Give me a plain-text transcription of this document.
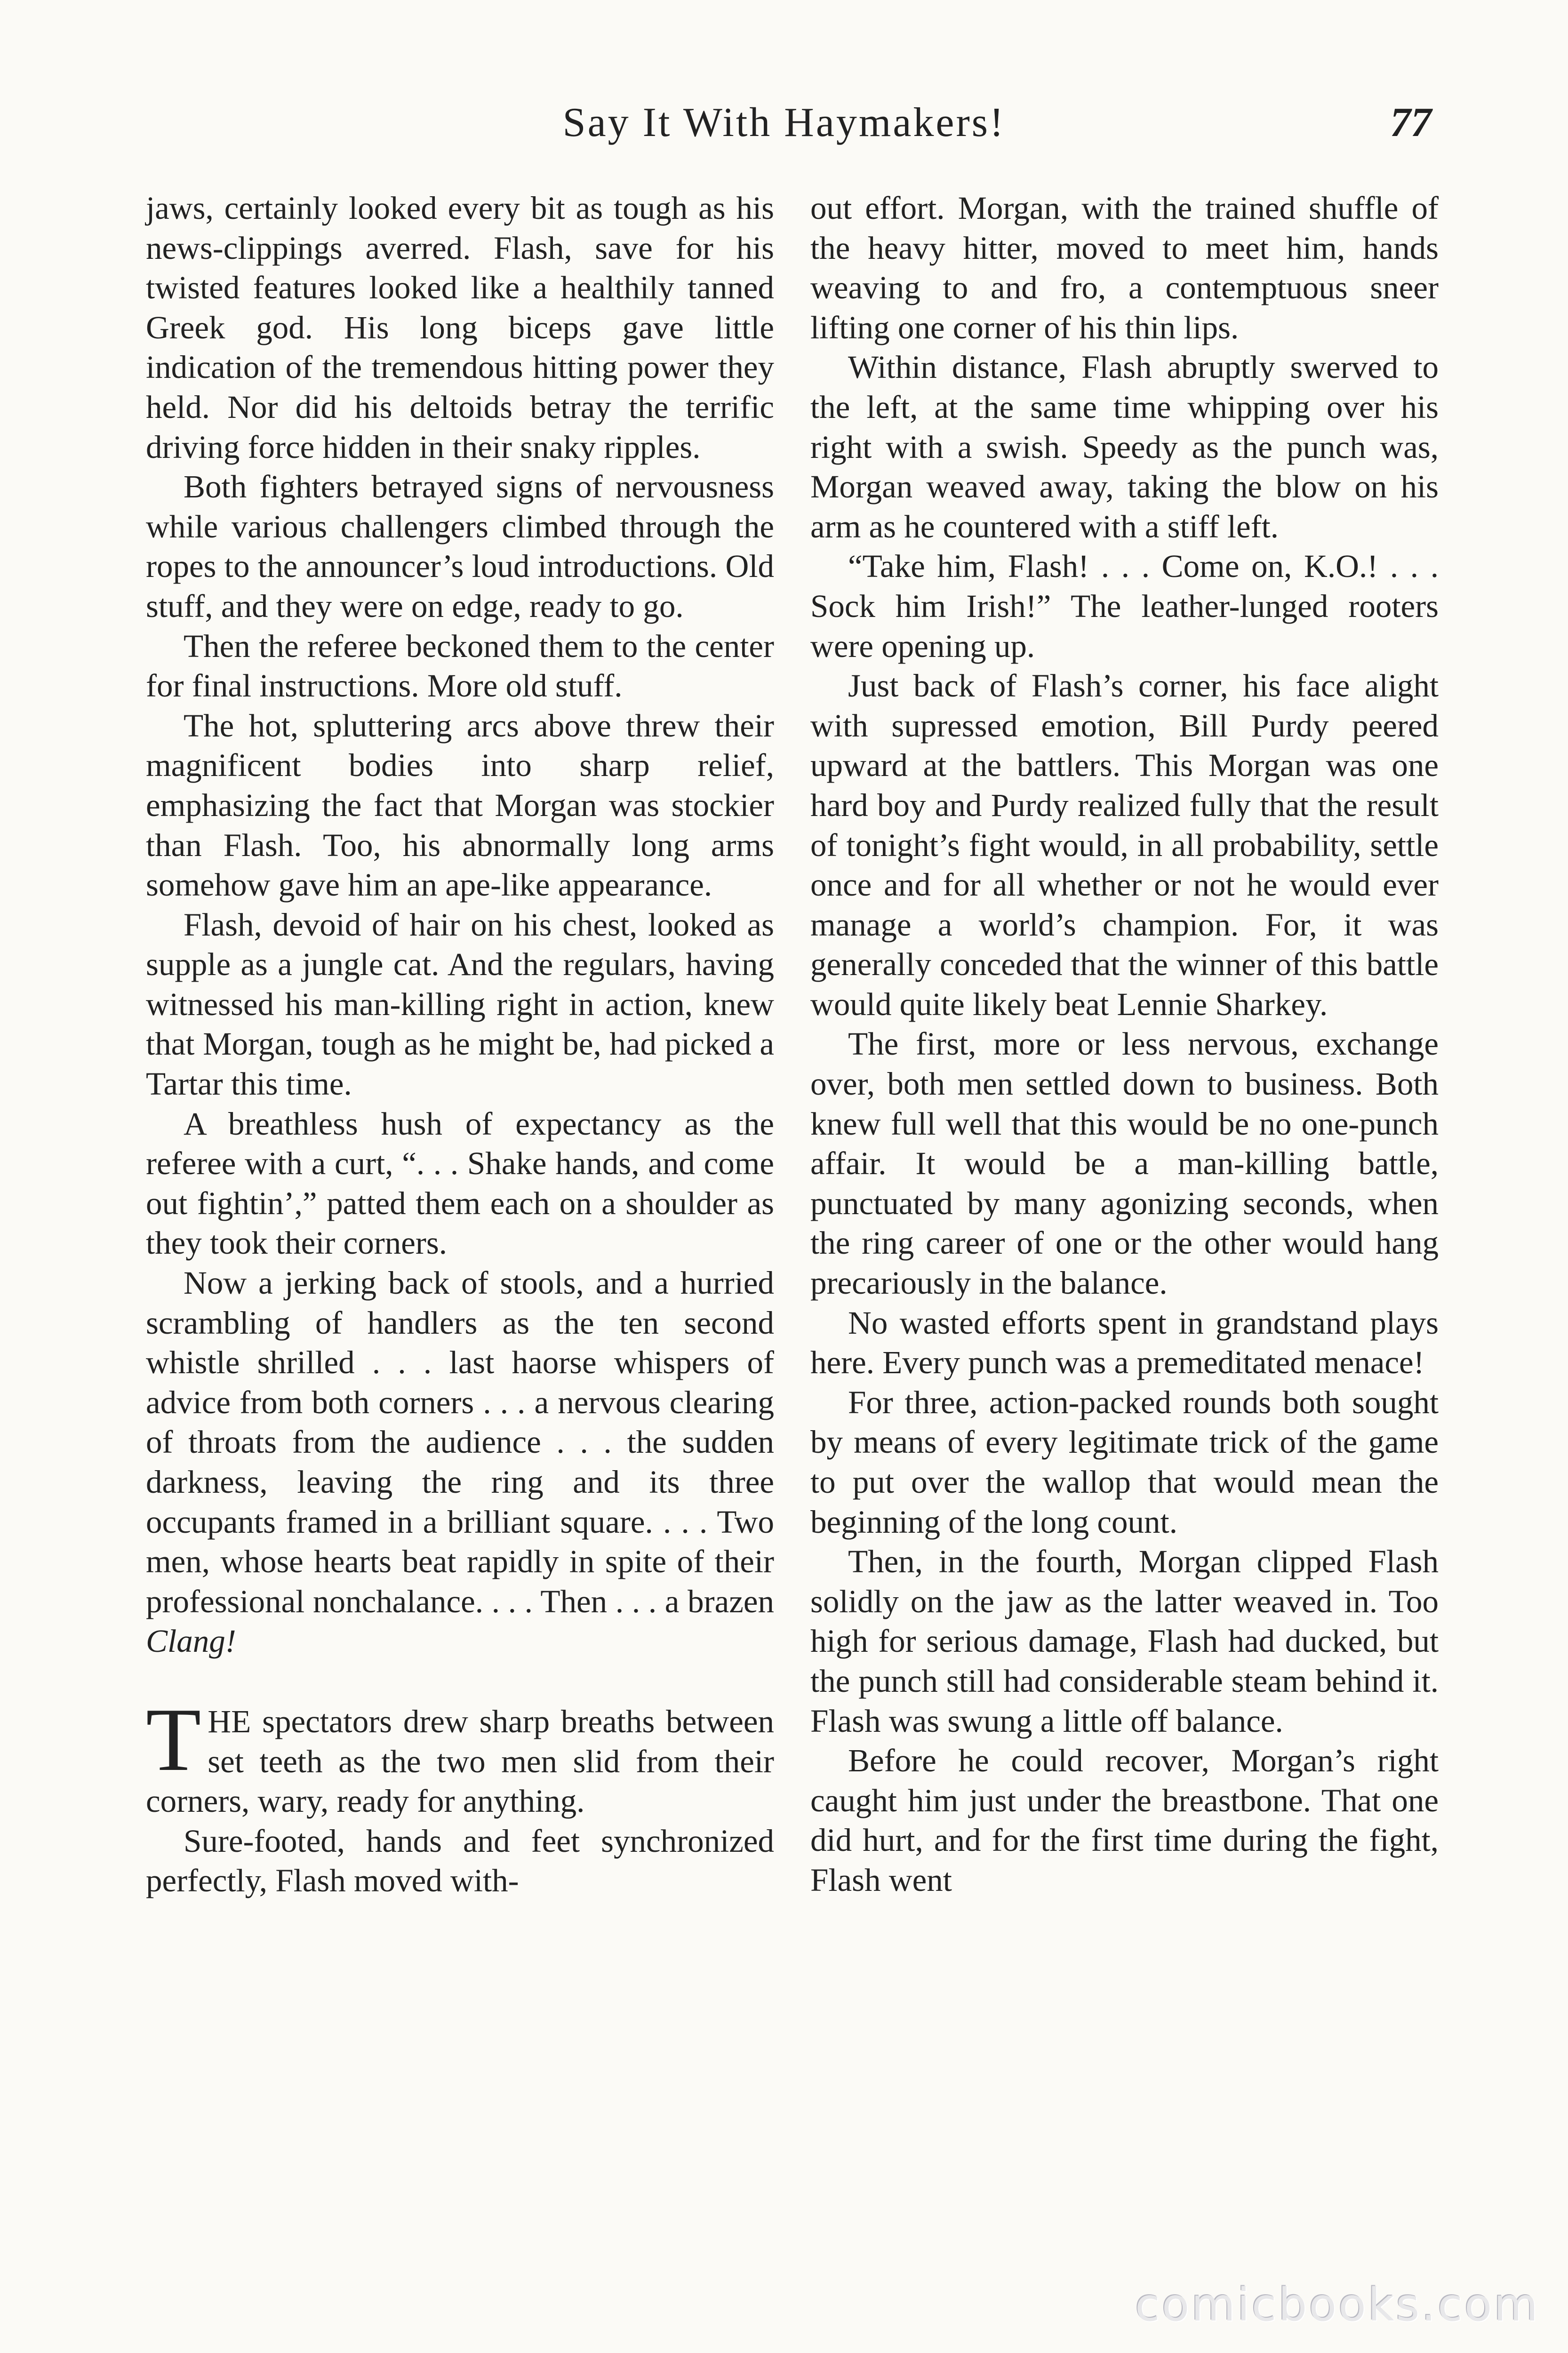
Say It With Haymakers!	77

jaws, certainly looked every bit as tough as his news-clippings averred. Flash, save for his twisted features looked like a healthily tanned Greek god. His long biceps gave little indication of the tremendous hitting power they held. Nor did his deltoids betray the terrific driving force hidden in their snaky ripples.

Both fighters betrayed signs of nervousness while various challengers climbed through the ropes to the announcer’s loud introductions. Old stuff, and they were on edge, ready to go.

Then the referee beckoned them to the center for final instructions. More old stuff.

The hot, spluttering arcs above threw their magnificent bodies into sharp relief, emphasizing the fact that Morgan was stockier than Flash. Too, his abnormally long arms somehow gave him an ape-like appearance.

Flash, devoid of hair on his chest, looked as supple as a jungle cat. And the regulars, having witnessed his man-killing right in action, knew that Morgan, tough as he might be, had picked a Tartar this time.

A breathless hush of expectancy as the referee with a curt, “. . . Shake hands, and come out fightin’,” patted them each on a shoulder as they took their corners.

Now a jerking back of stools, and a hurried scrambling of handlers as the ten second whistle shrilled . . . last haorse whispers of advice from both corners . . . a nervous clearing of throats from the audience . . . the sudden darkness, leaving the ring and its three occupants framed in a brilliant square. . . . Two men, whose hearts beat rapidly in spite of their professional nonchalance. . . . Then . . . a brazen Clang!

THE spectators drew sharp breaths between set teeth as the two men slid from their corners, wary, ready for anything.

Sure-footed, hands and feet synchronized perfectly, Flash moved with-

out effort. Morgan, with the trained shuffle of the heavy hitter, moved to meet him, hands weaving to and fro, a contemptuous sneer lifting one corner of his thin lips.

Within distance, Flash abruptly swerved to the left, at the same time whipping over his right with a swish. Speedy as the punch was, Morgan weaved away, taking the blow on his arm as he countered with a stiff left.

“Take him, Flash! . . . Come on, K.O.! . . . Sock him Irish!” The leather-lunged rooters were opening up.

Just back of Flash’s corner, his face alight with supressed emotion, Bill Purdy peered upward at the battlers. This Morgan was one hard boy and Purdy realized fully that the result of tonight’s fight would, in all probability, settle once and for all whether or not he would ever manage a world’s champion. For, it was generally conceded that the winner of this battle would quite likely beat Lennie Sharkey.

The first, more or less nervous, exchange over, both men settled down to business. Both knew full well that this would be no one-punch affair. It would be a man-killing battle, punctuated by many agonizing seconds, when the ring career of one or the other would hang precariously in the balance.

No wasted efforts spent in grandstand plays here. Every punch was a premeditated menace!

For three, action-packed rounds both sought by means of every legitimate trick of the game to put over the wallop that would mean the beginning of the long count.

Then, in the fourth, Morgan clipped Flash solidly on the jaw as the latter weaved in. Too high for serious damage, Flash had ducked, but the punch still had considerable steam behind it. Flash was swung a little off balance.

Before he could recover, Morgan’s right caught him just under the breastbone. That one did hurt, and for the first time during the fight, Flash went

comicbooks.com
